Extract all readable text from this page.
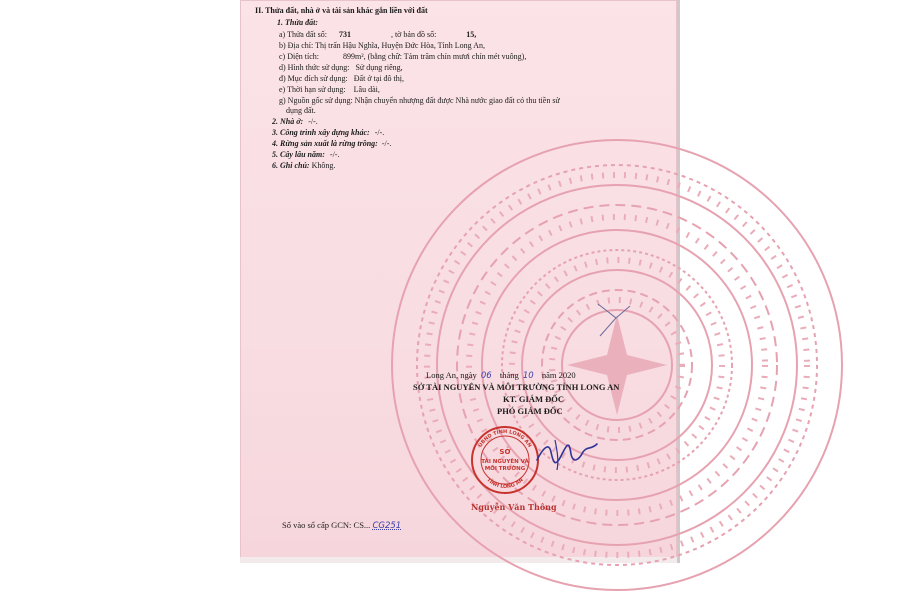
II. Thửa đất, nhà ở và tài sản khác gắn liền với đất
1. Thửa đất:
a) Thửa đất số: 731	, tờ bản đồ số:	15,
b) Địa chỉ: Thị trấn Hậu Nghĩa, Huyện Đức Hòa, Tỉnh Long An,
c) Diện tích:	899m², (bằng chữ: Tám trăm chín mươi chín mét vuông),
d) Hình thức sử dụng: Sử dụng riêng,
đ) Mục đích sử dụng: Đất ở tại đô thị,
e) Thời hạn sử dụng: Lâu dài,
g) Nguồn gốc sử dụng: Nhận chuyển nhượng đất được Nhà nước giao đất có thu tiền sử
dụng đất.
2. Nhà ở: -/-.
3. Công trình xây dựng khác: -/-.
4. Rừng sản xuất là rừng trồng: -/-.
5. Cây lâu năm: -/-.
6. Ghi chú: Không.
Long An, ngày 06 tháng 10 năm 2020
SỞ TÀI NGUYÊN VÀ MÔI TRƯỜNG TỈNH LONG AN
KT. GIÁM ĐỐC
PHÓ GIÁM ĐỐC
UBND TỈNH LONG AN
TỈNH LONG AN
SỞ
TÀI NGUYÊN VÀ
MÔI TRƯỜNG
Nguyễn Văn Thông
Số vào sổ cấp GCN: CS... CG251
